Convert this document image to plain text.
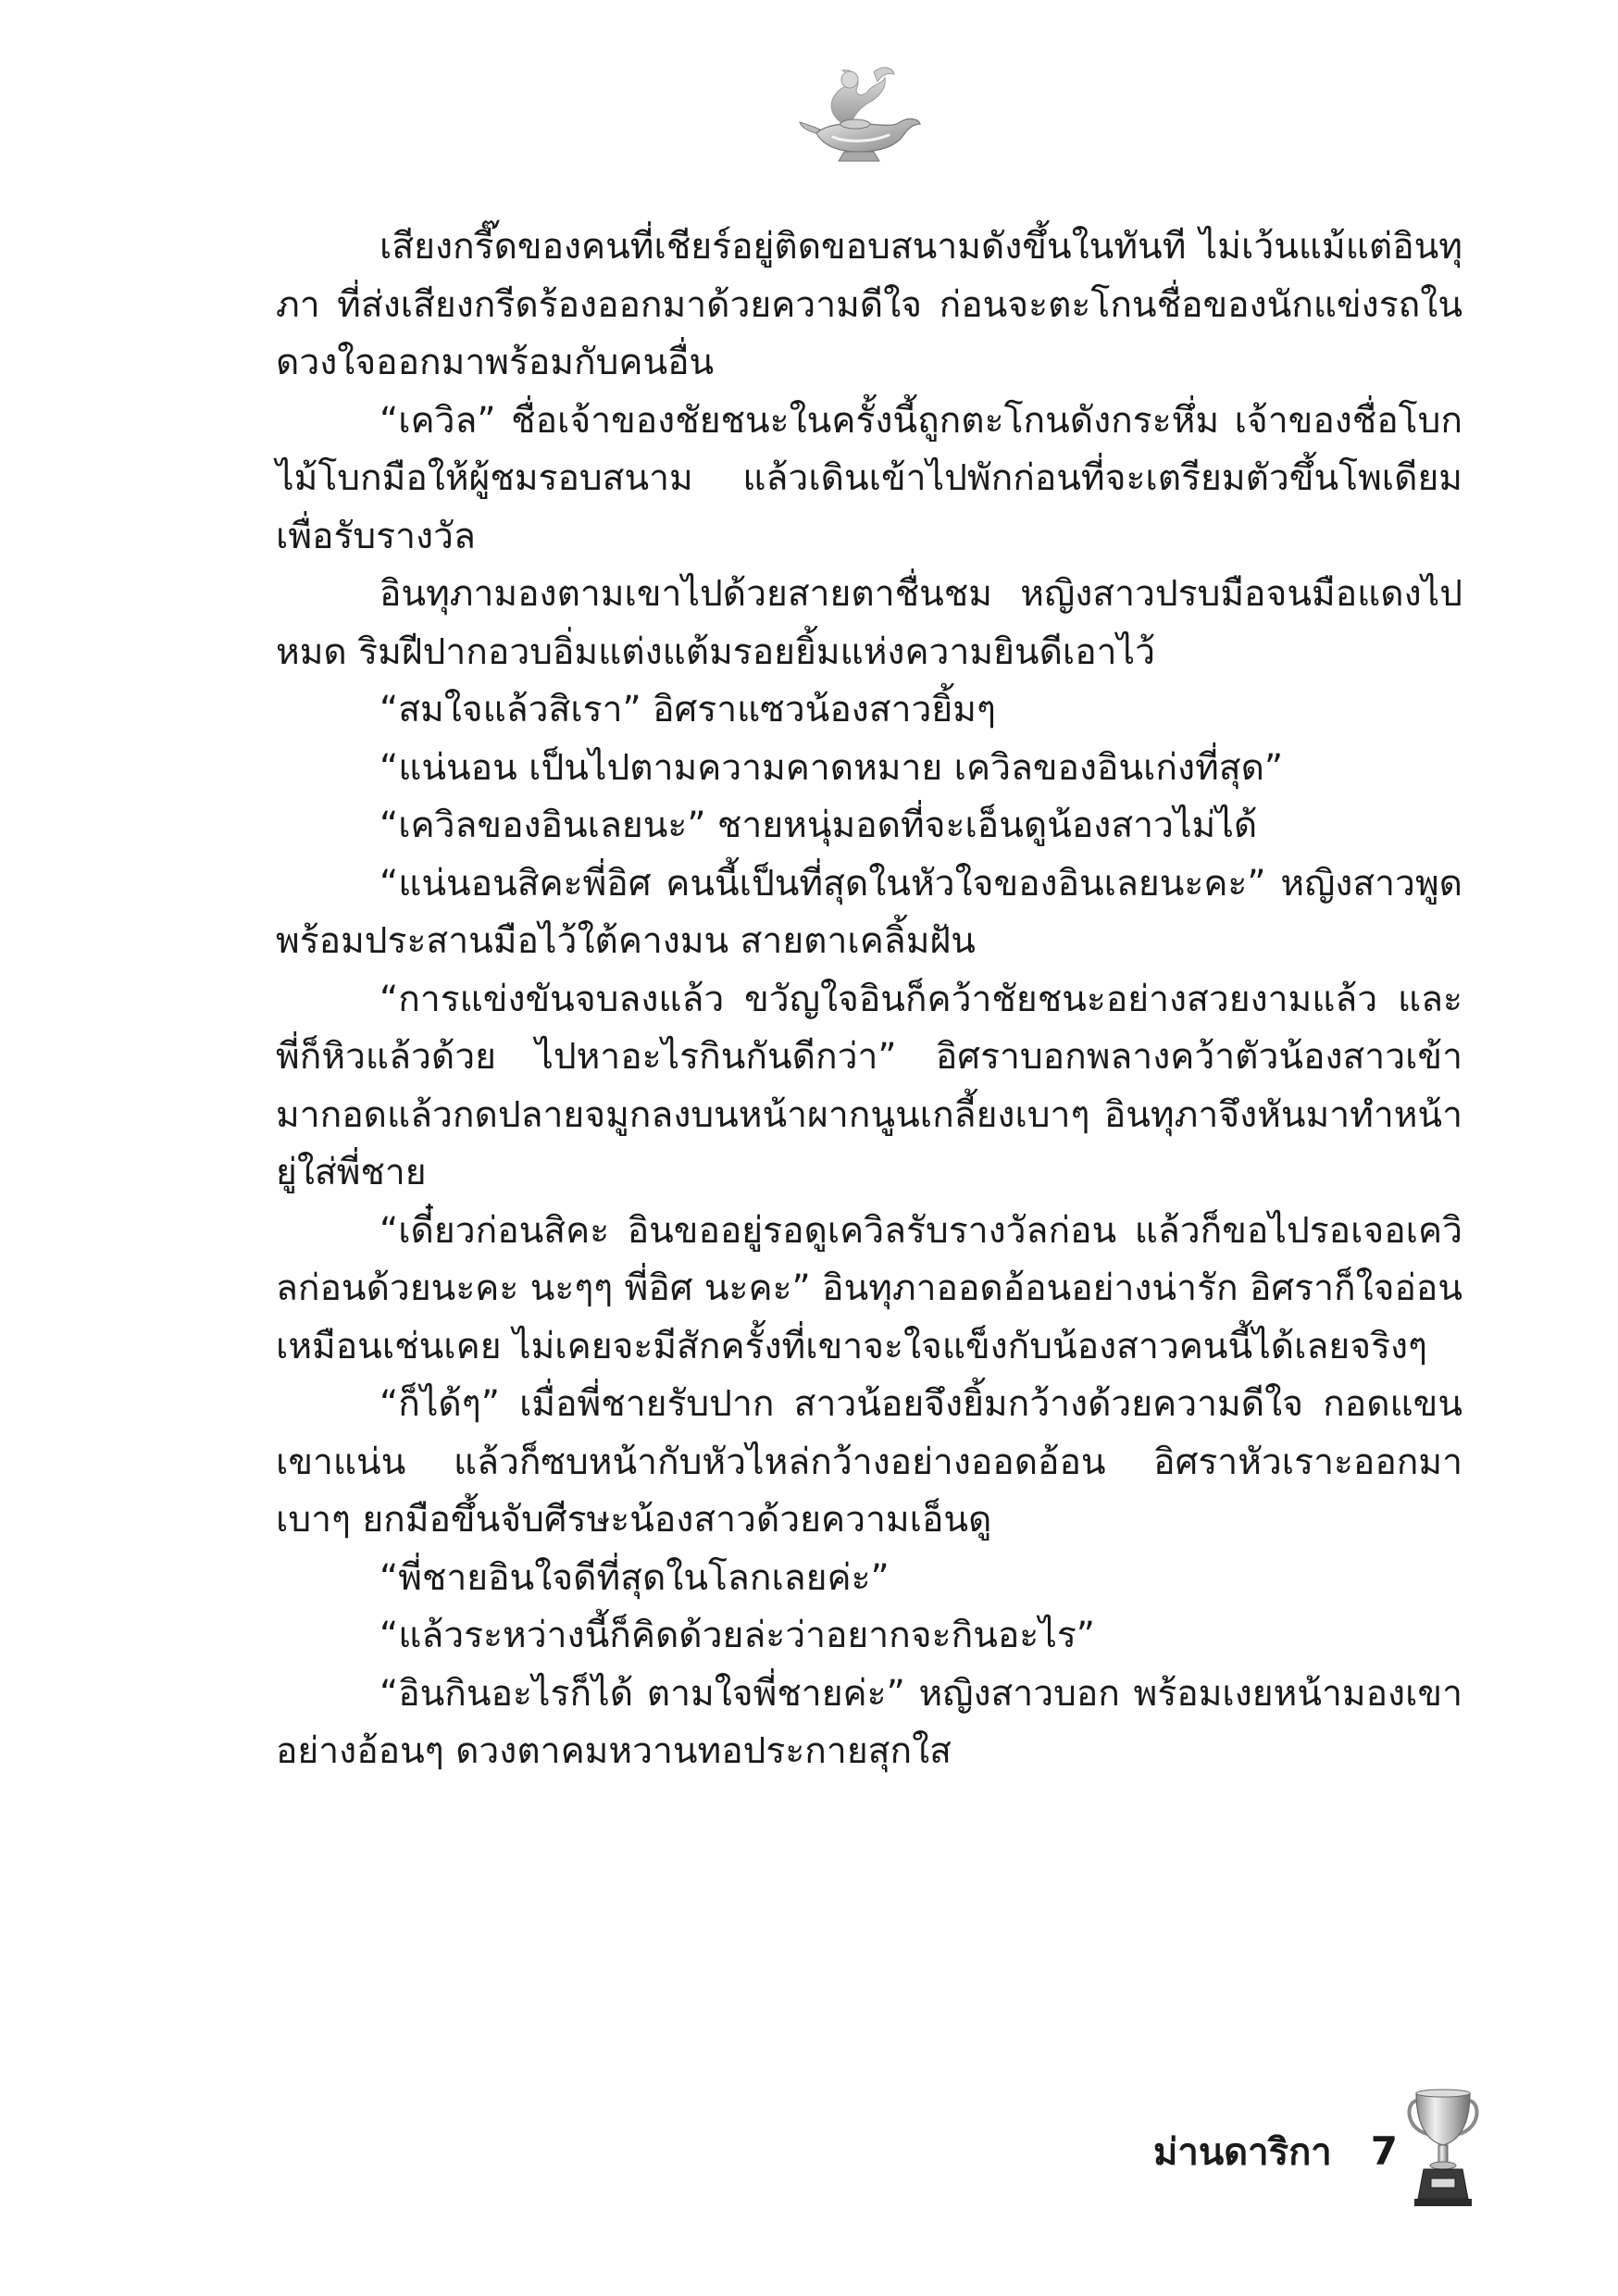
เสียงกรี๊ดของคนที่เชียร์อยู่ติดขอบสนามดังขึ้นในทันที ไม่เว้นแม้แต่อินทุภา ที่ส่งเสียงกรีดร้องออกมาด้วยความดีใจ ก่อนจะตะโกนชื่อของนักแข่งรถในดวงใจออกมาพร้อมกับคนอื่น

“เควิล” ชื่อเจ้าของชัยชนะในครั้งนี้ถูกตะโกนดังกระหึ่ม เจ้าของชื่อโบกไม้โบกมือให้ผู้ชมรอบสนาม แล้วเดินเข้าไปพักก่อนที่จะเตรียมตัวขึ้นโพเดียมเพื่อรับรางวัล

อินทุภามองตามเขาไปด้วยสายตาชื่นชม หญิงสาวปรบมือจนมือแดงไปหมด ริมฝีปากอวบอิ่มแต่งแต้มรอยยิ้มแห่งความยินดีเอาไว้

“สมใจแล้วสิเรา” อิศราแซวน้องสาวยิ้มๆ

“แน่นอน เป็นไปตามความคาดหมาย เควิลของอินเก่งที่สุด”

“เควิลของอินเลยนะ” ชายหนุ่มอดที่จะเอ็นดูน้องสาวไม่ได้

“แน่นอนสิคะพี่อิศ คนนี้เป็นที่สุดในหัวใจของอินเลยนะคะ” หญิงสาวพูดพร้อมประสานมือไว้ใต้คางมน สายตาเคลิ้มฝัน

“การแข่งขันจบลงแล้ว ขวัญใจอินก็คว้าชัยชนะอย่างสวยงามแล้ว และพี่ก็หิวแล้วด้วย ไปหาอะไรกินกันดีกว่า” อิศราบอกพลางคว้าตัวน้องสาวเข้ามากอดแล้วกดปลายจมูกลงบนหน้าผากนูนเกลี้ยงเบาๆ อินทุภาจึงหันมาทำหน้ายู่ใส่พี่ชาย

“เดี๋ยวก่อนสิคะ อินขออยู่รอดูเควิลรับรางวัลก่อน แล้วก็ขอไปรอเจอเควิลก่อนด้วยนะคะ นะๆๆ พี่อิศ นะคะ” อินทุภาออดอ้อนอย่างน่ารัก อิศราก็ใจอ่อนเหมือนเช่นเคย ไม่เคยจะมีสักครั้งที่เขาจะใจแข็งกับน้องสาวคนนี้ได้เลยจริงๆ

“ก็ได้ๆ” เมื่อพี่ชายรับปาก สาวน้อยจึงยิ้มกว้างด้วยความดีใจ กอดแขนเขาแน่น แล้วก็ซบหน้ากับหัวไหล่กว้างอย่างออดอ้อน อิศราหัวเราะออกมาเบาๆ ยกมือขึ้นจับศีรษะน้องสาวด้วยความเอ็นดู

“พี่ชายอินใจดีที่สุดในโลกเลยค่ะ”

“แล้วระหว่างนี้ก็คิดด้วยล่ะว่าอยากจะกินอะไร”

“อินกินอะไรก็ได้ ตามใจพี่ชายค่ะ” หญิงสาวบอก พร้อมเงยหน้ามองเขาอย่างอ้อนๆ ดวงตาคมหวานทอประกายสุกใส

ม่านดาริกา 7
